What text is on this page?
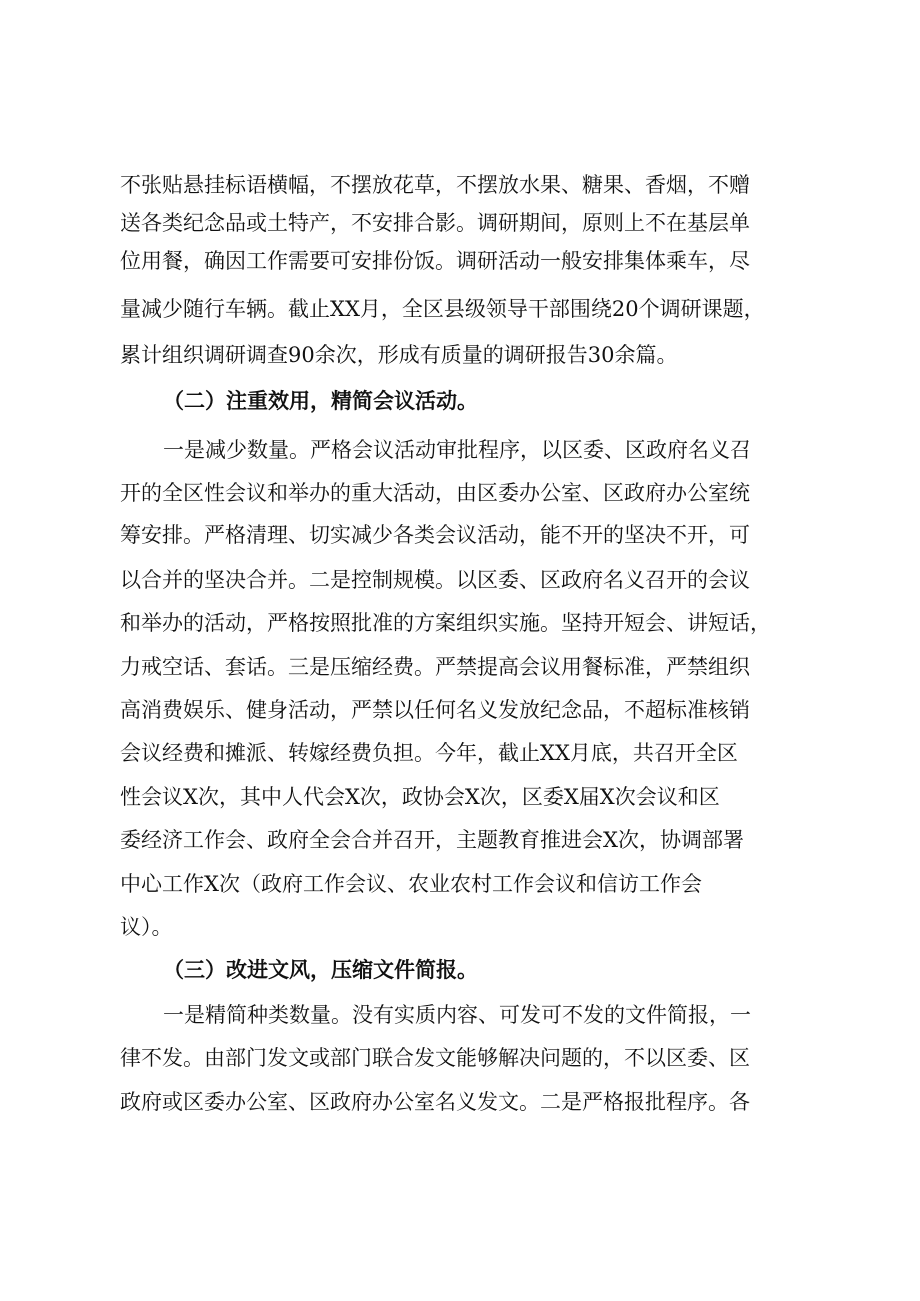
不张贴悬挂标语横幅，不摆放花草，不摆放水果、糖果、香烟，不赠
送各类纪念品或土特产，不安排合影。调研期间，原则上不在基层单
位用餐，确因工作需要可安排份饭。调研活动一般安排集体乘车，尽
量减少随行车辆。截止XX月，全区县级领导干部围绕20个调研课题，
累计组织调研调查90余次，形成有质量的调研报告30余篇。
（二）注重效用，精简会议活动。
一是减少数量。严格会议活动审批程序，以区委、区政府名义召
开的全区性会议和举办的重大活动，由区委办公室、区政府办公室统
筹安排。严格清理、切实减少各类会议活动，能不开的坚决不开，可
以合并的坚决合并。二是控制规模。以区委、区政府名义召开的会议
和举办的活动，严格按照批准的方案组织实施。坚持开短会、讲短话，
力戒空话、套话。三是压缩经费。严禁提高会议用餐标准，严禁组织
高消费娱乐、健身活动，严禁以任何名义发放纪念品，不超标准核销
会议经费和摊派、转嫁经费负担。今年，截止XX月底，共召开全区
性会议X次，其中人代会X次，政协会X次，区委X届X次会议和区
委经济工作会、政府全会合并召开，主题教育推进会X次，协调部署
中心工作X次（政府工作会议、农业农村工作会议和信访工作会
议）。
（三）改进文风，压缩文件简报。
一是精简种类数量。没有实质内容、可发可不发的文件简报，一
律不发。由部门发文或部门联合发文能够解决问题的，不以区委、区
政府或区委办公室、区政府办公室名义发文。二是严格报批程序。各
